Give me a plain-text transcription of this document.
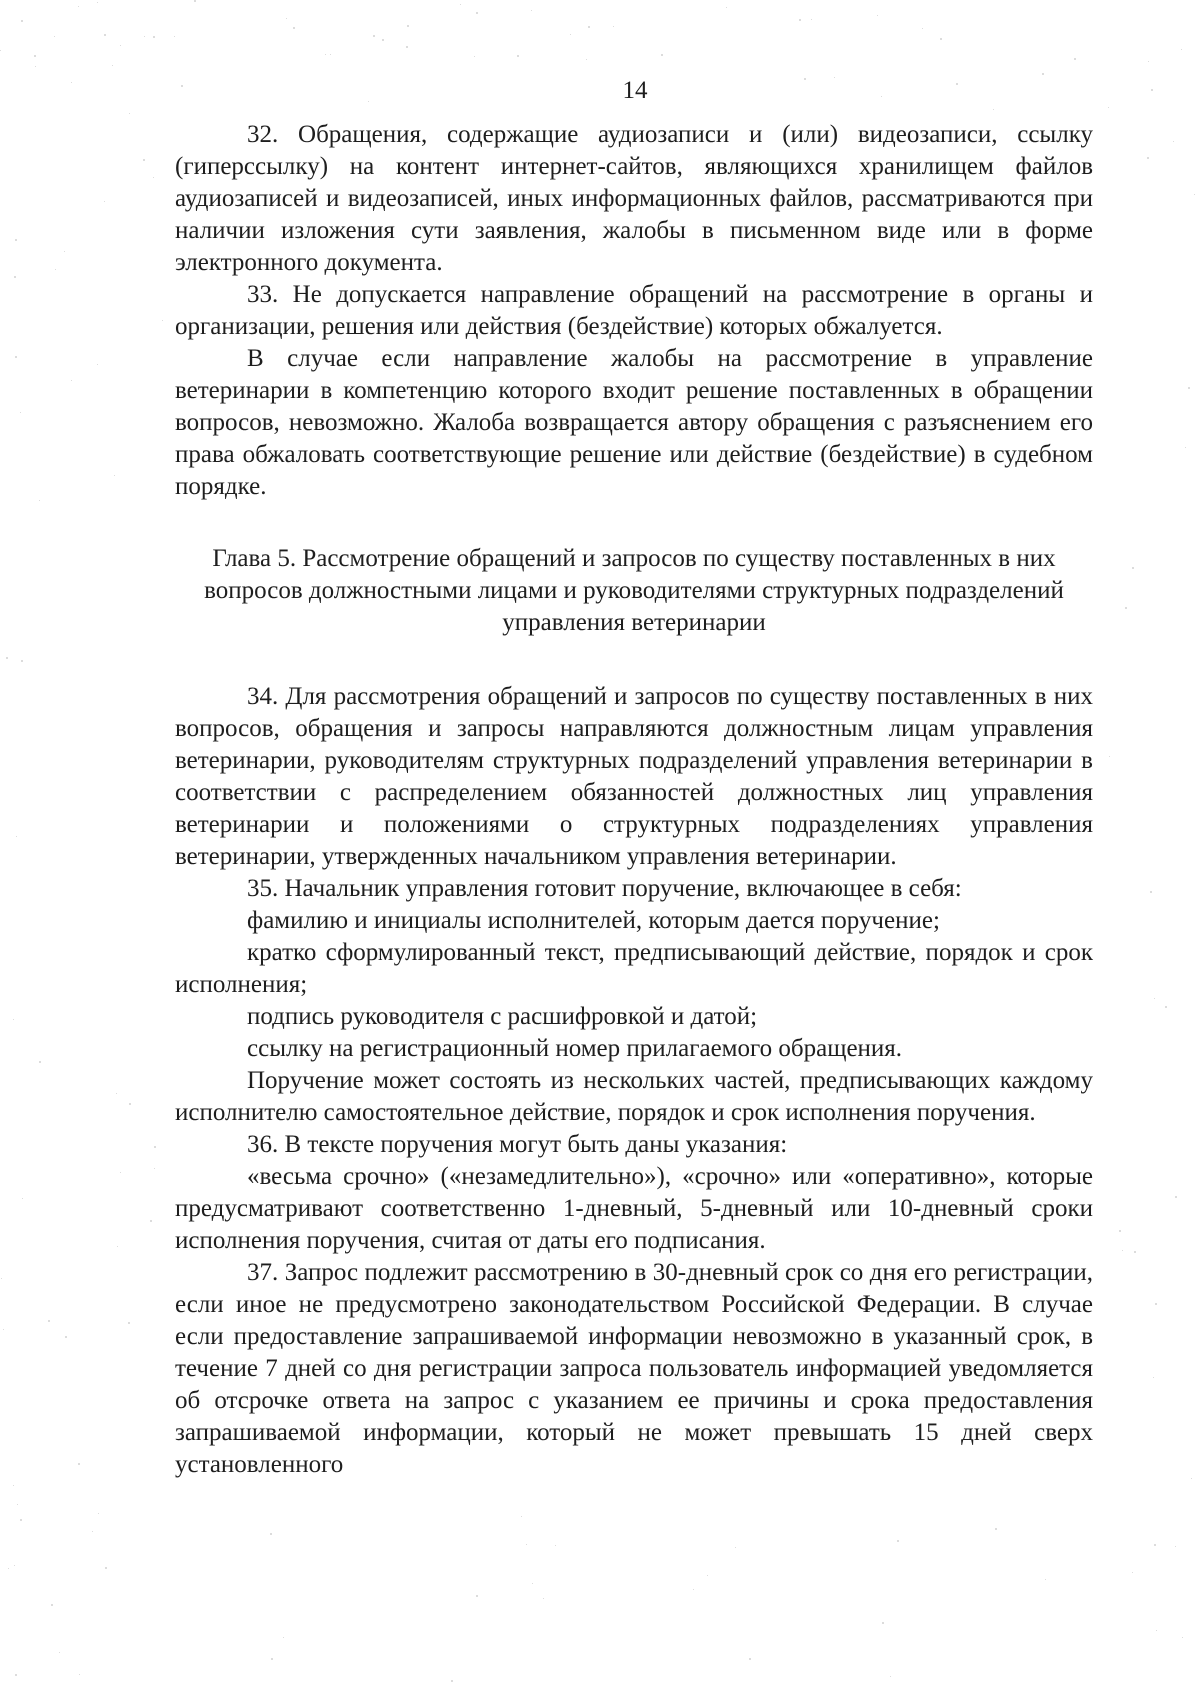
14

32. Обращения, содержащие аудиозаписи и (или) видеозаписи, ссылку (гиперссылку) на контент интернет-сайтов, являющихся хранилищем файлов аудиозаписей и видеозаписей, иных информационных файлов, рассматриваются при наличии изложения сути заявления, жалобы в письменном виде или в форме электронного документа.

33. Не допускается направление обращений на рассмотрение в органы и организации, решения или действия (бездействие) которых обжалуется.

В случае если направление жалобы на рассмотрение в управление ветеринарии в компетенцию которого входит решение поставленных в обращении вопросов, невозможно. Жалоба возвращается автору обращения с разъяснением его права обжаловать соответствующие решение или действие (бездействие) в судебном порядке.

Глава 5. Рассмотрение обращений и запросов по существу поставленных в них вопросов должностными лицами и руководителями структурных подразделений управления ветеринарии

34. Для рассмотрения обращений и запросов по существу поставленных в них вопросов, обращения и запросы направляются должностным лицам управления ветеринарии, руководителям структурных подразделений управления ветеринарии в соответствии с распределением обязанностей должностных лиц управления ветеринарии и положениями о структурных подразделениях управления ветеринарии, утвержденных начальником управления ветеринарии.

35. Начальник управления готовит поручение, включающее в себя:

фамилию и инициалы исполнителей, которым дается поручение;

кратко сформулированный текст, предписывающий действие, порядок и срок исполнения;

подпись руководителя с расшифровкой и датой;

ссылку на регистрационный номер прилагаемого обращения.

Поручение может состоять из нескольких частей, предписывающих каждому исполнителю самостоятельное действие, порядок и срок исполнения поручения.

36. В тексте поручения могут быть даны указания:

«весьма срочно» («незамедлительно»), «срочно» или «оперативно», которые предусматривают соответственно 1-дневный, 5-дневный или 10-дневный сроки исполнения поручения, считая от даты его подписания.

37. Запрос подлежит рассмотрению в 30-дневный срок со дня его регистрации, если иное не предусмотрено законодательством Российской Федерации. В случае если предоставление запрашиваемой информации невозможно в указанный срок, в течение 7 дней со дня регистрации запроса пользователь информацией уведомляется об отсрочке ответа на запрос с указанием ее причины и срока предоставления запрашиваемой информации, который не может превышать 15 дней сверх установленного
